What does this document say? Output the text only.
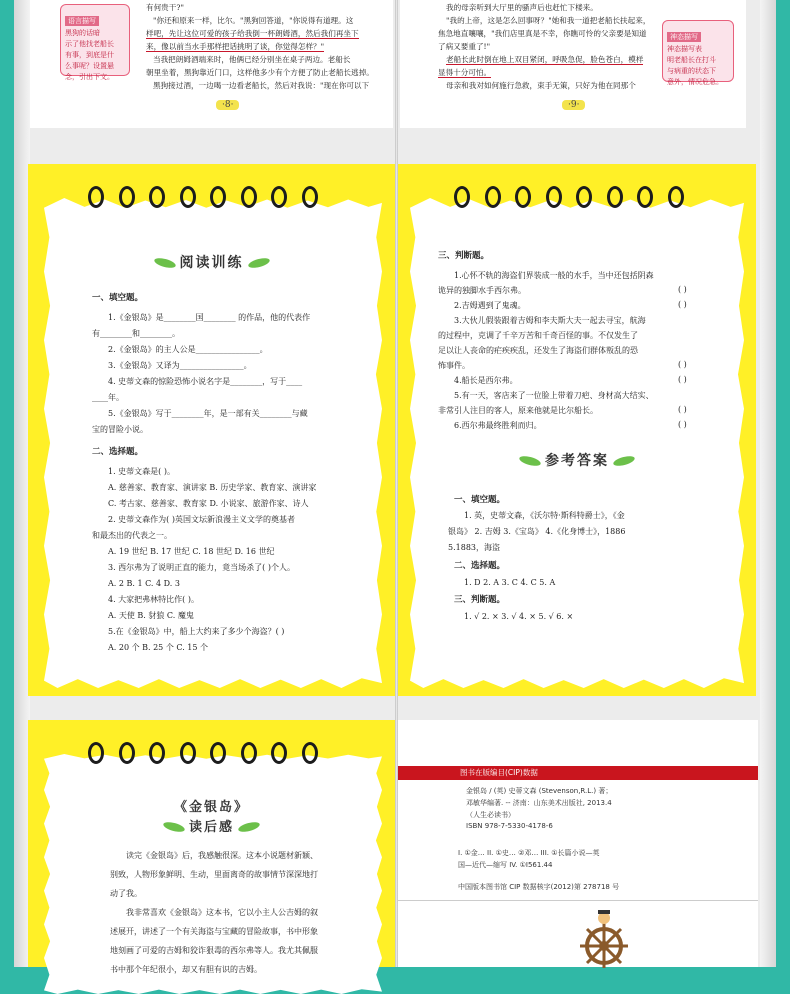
语言描写
黑狗的话暗
示了他找老船长
有事，到底是什
么事呢？设置悬
念，引出下文。
有何贵干?"
"你还和原来一样，比尔。"黑狗回答道，"你说得有道理。这
样吧，先让这位可爱的孩子给我倒一杯朗姆酒，然后我们再坐下
来，像以前当水手那样把话挑明了谈，你觉得怎样？"
当我把朗姆酒端来时，他俩已经分别坐在桌子两边。老船长
朝里坐着，黑狗靠近门口，这样他多少有个方便了防止老船长逃掉。
黑狗接过酒，一边喝一边看老船长，然后对我说："现在你可以下
·8·
我的母亲听到大厅里的骚声后也赶忙下楼来。
"我的上帝，这是怎么回事呀？"她和我一道把老船长扶起来，
焦急地直嚷嚷，"我们店里真是不幸，你瞧可怜的父亲要是知道
了病又要重了!"
老船长此时倒在地上双目紧闭，呼吸急促，脸色苍白，模样
显得十分可怕。
母亲和我对如何施行急救，束手无策，只好为他在同那个
神态描写
神态描写表
明老船长在打斗
与病重的状态下
意外，情况危急。
·9·
阅读训练
一、填空题。
1.《金银岛》是________国________ 的作品，他的代表作
有________和________。
2.《金银岛》的主人公是________________。
3.《金银岛》又译为________________。
4. 史蒂文森的惊险恐怖小说名字是________，写于____
____年。
5.《金银岛》写于________年，是一部有关________与藏
宝的冒险小说。
二、选择题。
1. 史蒂文森是( )。
A. 慈善家、教育家、演讲家 B. 历史学家、教育家、演讲家
C. 考古家、慈善家、教育家 D. 小说家、旅游作家、诗人
2. 史蒂文森作为( )英国文坛新浪漫主义文学的奠基者
和最杰出的代表之一。
A. 19 世纪 B. 17 世纪 C. 18 世纪 D. 16 世纪
3. 西尔弗为了说明正直的能力，竟当场杀了( )个人。
A. 2 B. 1 C. 4 D. 3
4. 大家把弗林特比作( )。
A. 天使 B. 豺狼 C. 魔鬼
5.在《金银岛》中，船上大约来了多少个海盗？( )
A. 20 个 B. 25 个 C. 15 个
三、判断题。
1.心怀不轨的海盗们界装成一般的水手，当中还包括阴森
诡异的独脚水手西尔弗。	( )
2.吉姆遇到了鬼魂。	( )
3.大伙儿假装跟着吉姆和李夫斯大夫一起去寻宝，航海
的过程中，克调了千辛万苦和千奇百怪的事。不仅发生了
足以让人丧命的疟疾疾乱，还发生了海盗们群体叛乱的恐
怖事件。	( )
4.船长是西尔弗。	( )
5.有一天，客店来了一位脸上带着刀疤、身材高大结实、
非常引人注目的客人，原来他就是比尔船长。	( )
6.西尔弗最终胜利而归。	( )
参考答案
一、填空题。
1. 英，史蒂文森，《沃尔特·斯科特爵士》，《金
银岛》 2. 吉姆 3.《宝岛》 4.《化身博士》，1886
5.1883，海盗
二、选择题。
1. D 2. A 3. C 4. C 5. A
三、判断题。
1. √ 2. × 3. √ 4. × 5. √ 6. ×
《金银岛》
读后感
读完《金银岛》后，我感触很深。这本小说题材新颖、
别致，人物形象鲜明、生动，里面离奇的故事情节深深地打
动了我。
我非常喜欢《金银岛》这本书，它以小主人公吉姆的叙
述展开，讲述了一个有关海盗与宝藏的冒险故事，书中形象
地刻画了可爱的吉姆和狡诈狠毒的西尔弗等人。我尤其佩服
书中那个年纪很小，却又有胆有识的吉姆。
图书在版编目(CIP)数据
金银岛 / (英) 史蒂文森 (Stevenson,R.L.) 著；
邓敏华编著. -- 济南：山东美术出版社, 2013.4
（人生必读书）
ISBN 978-7-5330-4178-6
I. ①金… II. ①史… ②邓… III. ①长篇小说—英
国—近代—缩写 IV. ①I561.44
中国版本图书馆 CIP 数据核字(2012)第 278718 号
